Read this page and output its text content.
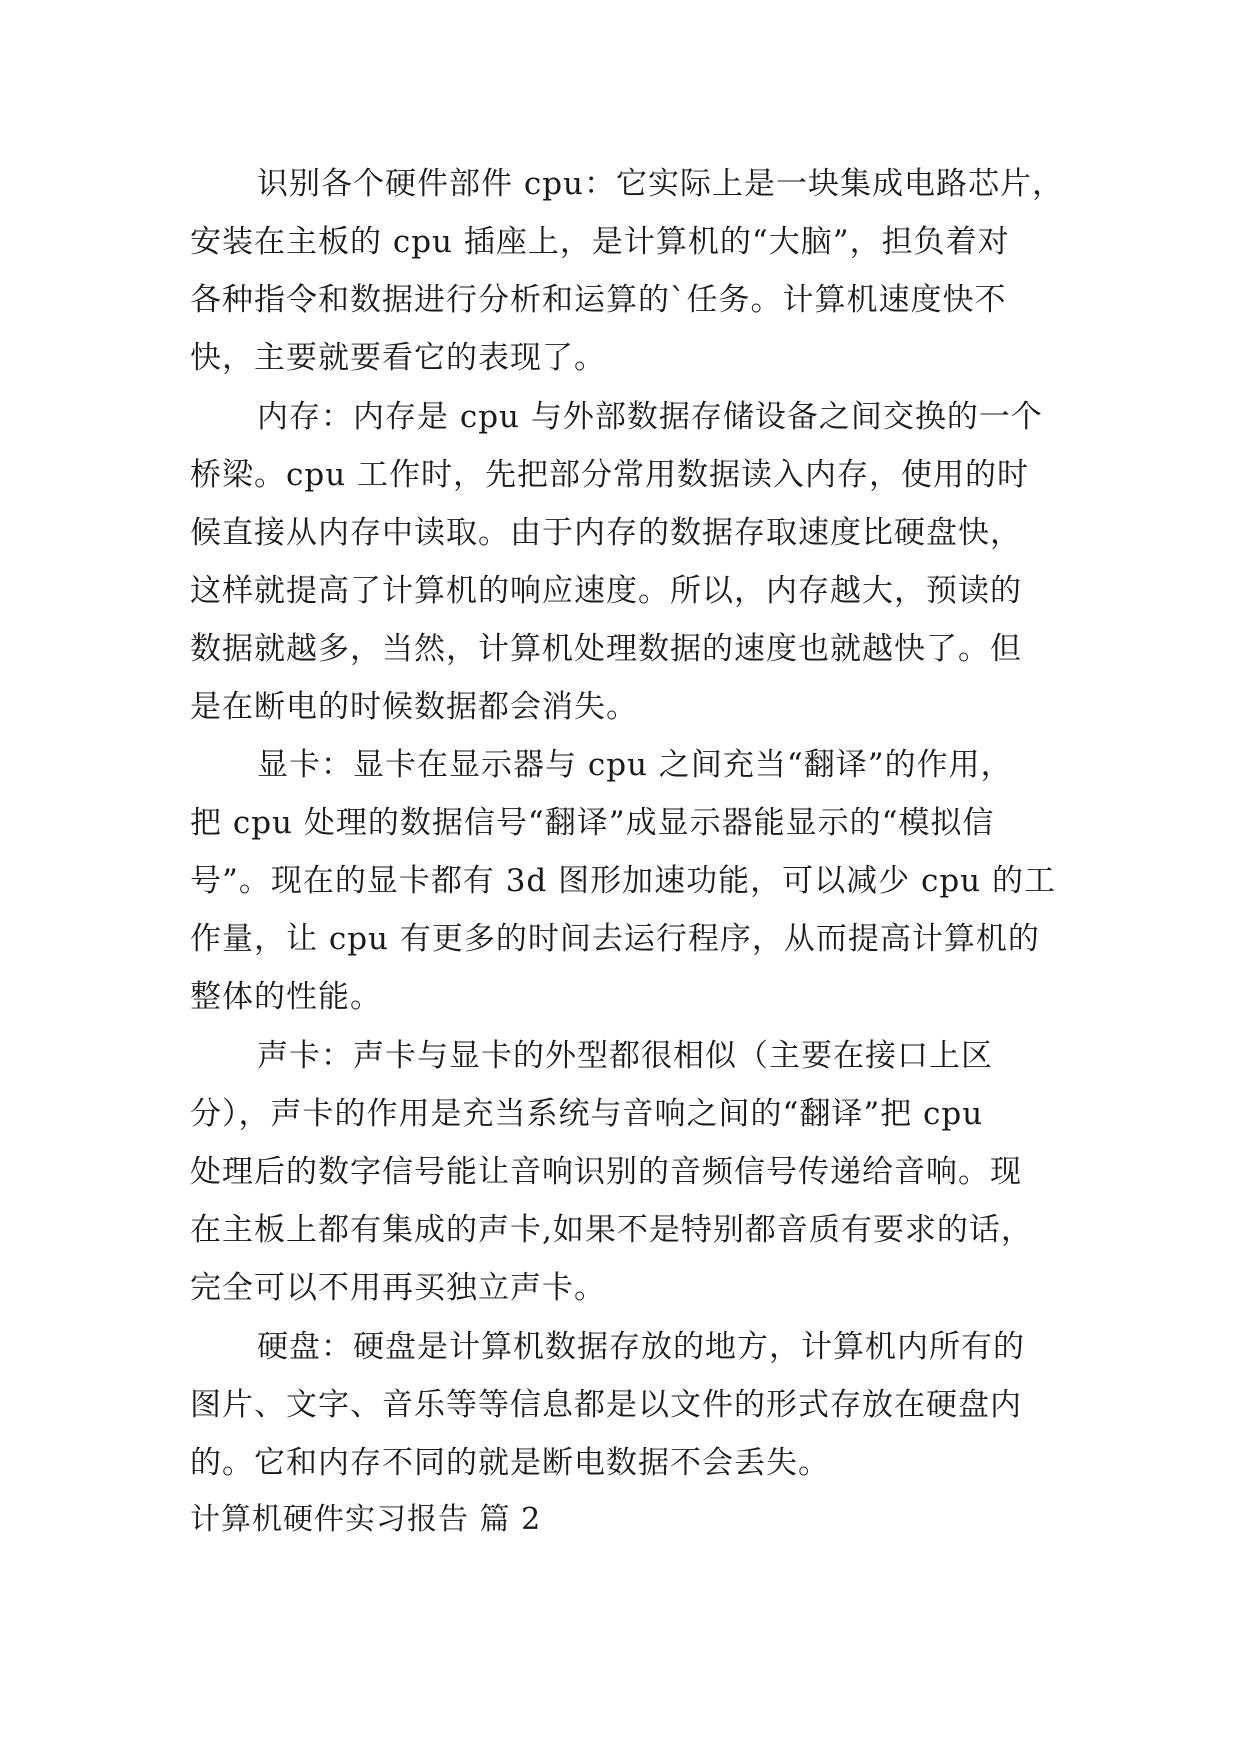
识别各个硬件部件 cpu：它实际上是一块集成电路芯片，
安装在主板的 cpu 插座上，是计算机的“大脑”，担负着对
各种指令和数据进行分析和运算的`任务。计算机速度快不
快，主要就要看它的表现了。
内存：内存是 cpu 与外部数据存储设备之间交换的一个
桥梁。cpu 工作时，先把部分常用数据读入内存，使用的时
候直接从内存中读取。由于内存的数据存取速度比硬盘快，
这样就提高了计算机的响应速度。所以，内存越大，预读的
数据就越多，当然，计算机处理数据的速度也就越快了。但
是在断电的时候数据都会消失。
显卡：显卡在显示器与 cpu 之间充当“翻译”的作用，
把 cpu 处理的数据信号“翻译”成显示器能显示的“模拟信
号”。现在的显卡都有 3d 图形加速功能，可以减少 cpu 的工
作量，让 cpu 有更多的时间去运行程序，从而提高计算机的
整体的性能。
声卡：声卡与显卡的外型都很相似（主要在接口上区
分），声卡的作用是充当系统与音响之间的“翻译”把 cpu
处理后的数字信号能让音响识别的音频信号传递给音响。现
在主板上都有集成的声卡,如果不是特别都音质有要求的话，
完全可以不用再买独立声卡。
硬盘：硬盘是计算机数据存放的地方，计算机内所有的
图片、文字、音乐等等信息都是以文件的形式存放在硬盘内
的。它和内存不同的就是断电数据不会丢失。
计算机硬件实习报告 篇 2
